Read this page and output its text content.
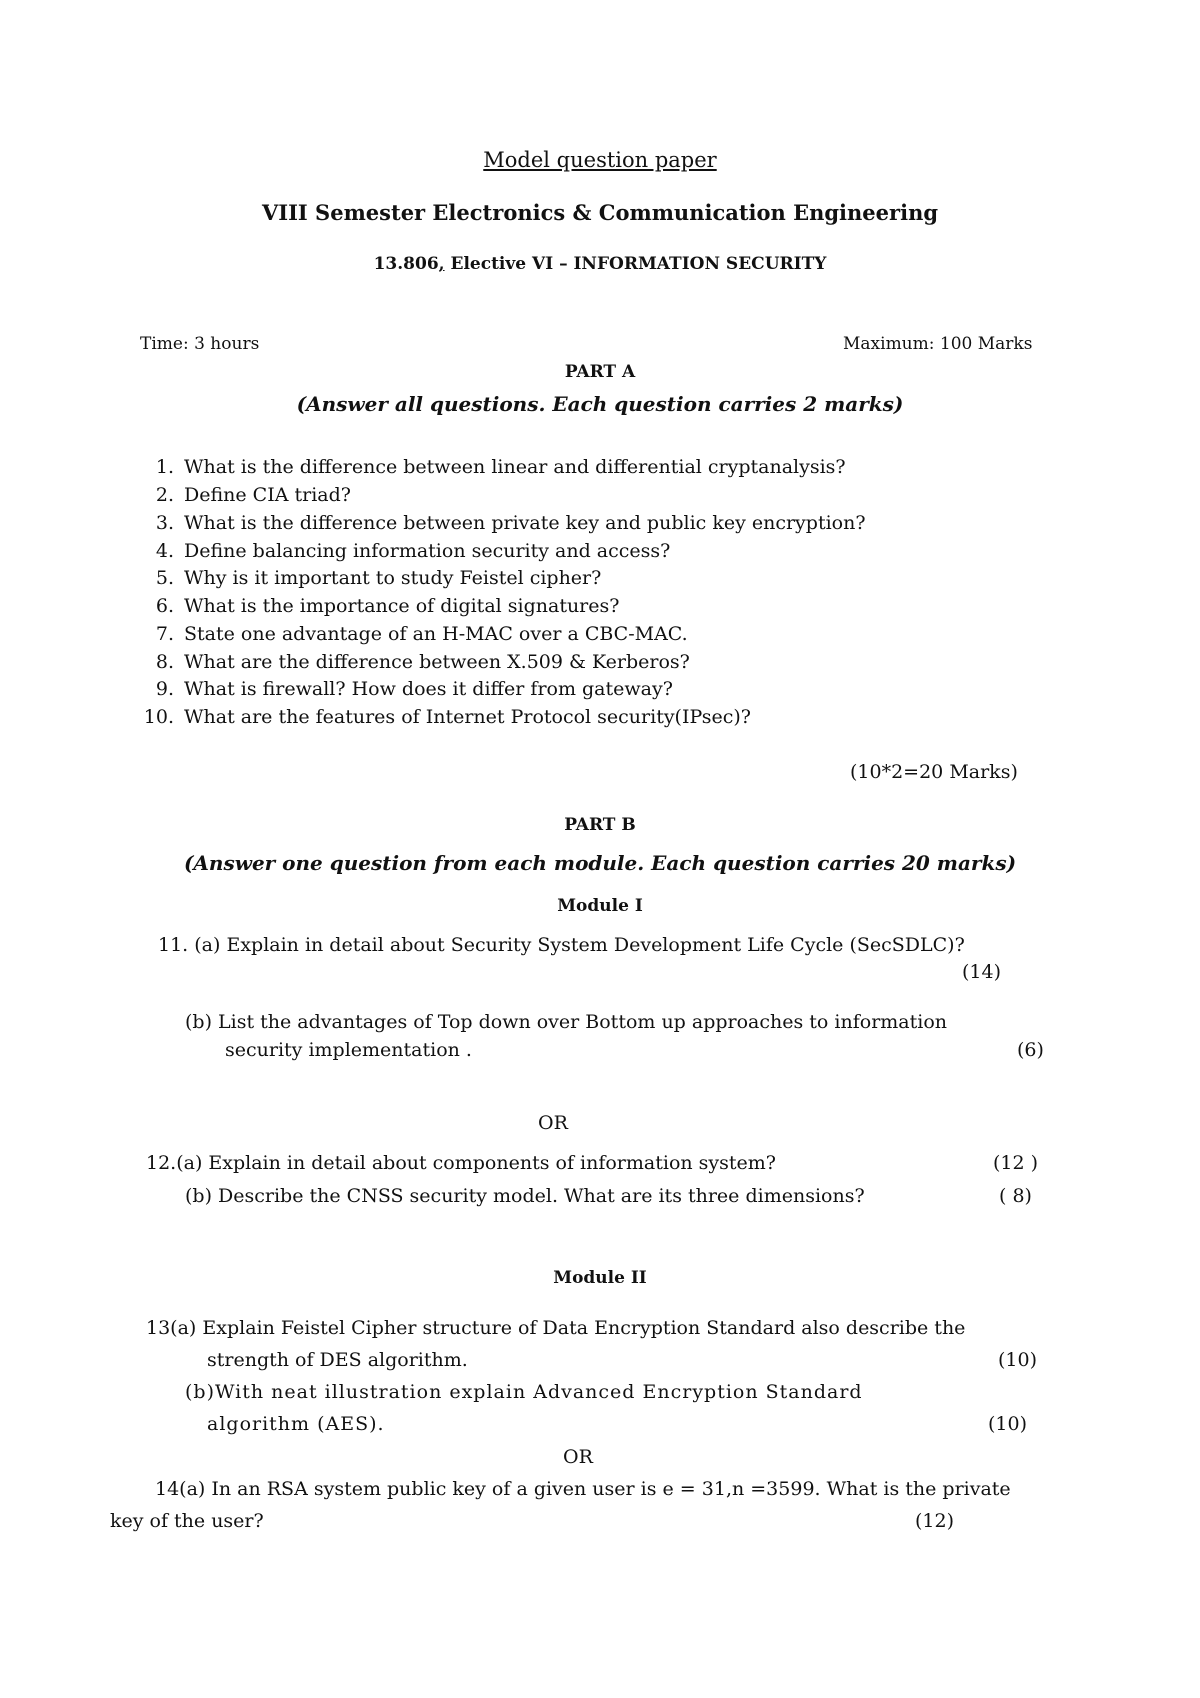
Model question paper
VIII Semester Electronics & Communication Engineering
13.806, Elective VI – INFORMATION SECURITY
Time: 3 hours	Maximum: 100 Marks
PART A
(Answer all questions. Each question carries 2 marks)
1. What is the difference between linear and differential cryptanalysis?
2. Define CIA triad?
3. What is the difference between private key and public key encryption?
4. Define balancing information security and access?
5. Why is it important to study Feistel cipher?
6. What is the importance of digital signatures?
7. State one advantage of an H-MAC over a CBC-MAC.
8. What are the difference between X.509 & Kerberos?
9. What is firewall? How does it differ from gateway?
10. What are the features of Internet Protocol security(IPsec)?
(10*2=20 Marks)
PART B
(Answer one question from each module. Each question carries 20 marks)
Module I
11. (a) Explain in detail about Security System Development Life Cycle (SecSDLC)?
(14)
(b) List the advantages of Top down over Bottom up approaches to information
security implementation .	(6)
OR
12.(a) Explain in detail about components of information system?	(12 )
(b) Describe the CNSS security model. What are its three dimensions?	( 8)
Module II
13(a) Explain Feistel Cipher structure of Data Encryption Standard also describe the
strength of DES algorithm.	(10)
(b)With neat illustration explain Advanced Encryption Standard
algorithm (AES).	(10)
OR
14(a) In an RSA system public key of a given user is e = 31,n =3599. What is the private
key of the user?	(12)
